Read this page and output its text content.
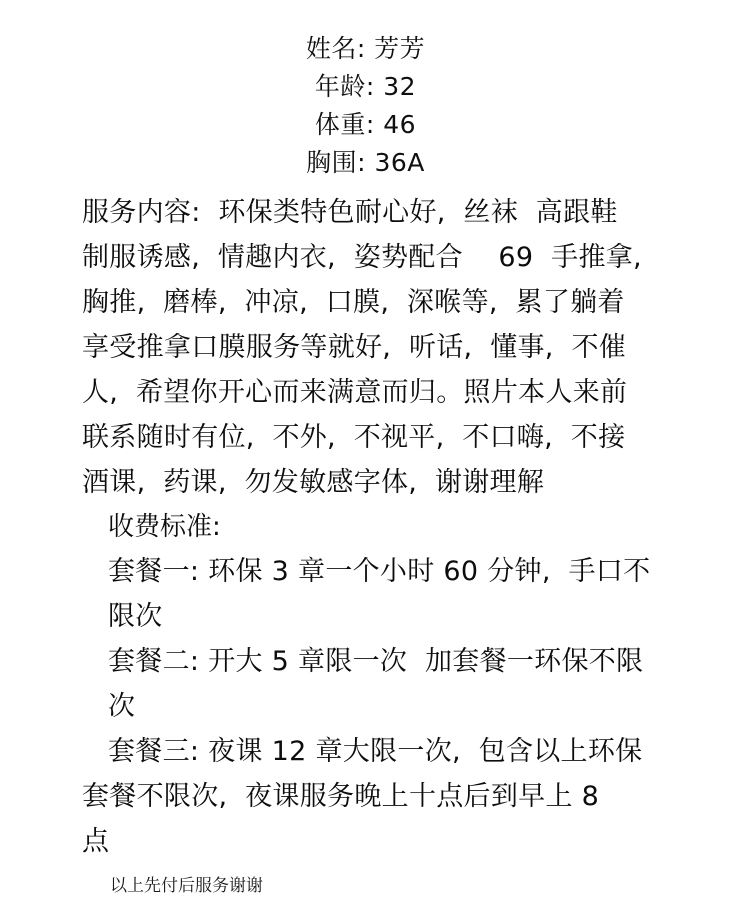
姓名: 芳芳
年龄: 32
体重: 46
胸围: 36A
服务内容:  环保类特色耐心好,  丝袜  高跟鞋
制服诱感,  情趣内衣,  姿势配合    69  手推拿,
胸推,  磨棒,  冲凉,  口膜,  深喉等,  累了躺着
享受推拿口膜服务等就好,  听话,  懂事,  不催
人,  希望你开心而来满意而归。照片本人来前
联系随时有位,  不外,  不视平,  不口嗨,  不接
酒课,  药课,  勿发敏感字体,  谢谢理解
收费标准:
套餐一: 环保 3 章一个小时 60 分钟,  手口不
限次
套餐二: 开大 5 章限一次  加套餐一环保不限
次
套餐三: 夜课 12 章大限一次,  包含以上环保
套餐不限次,  夜课服务晚上十点后到早上 8
点
以上先付后服务谢谢
